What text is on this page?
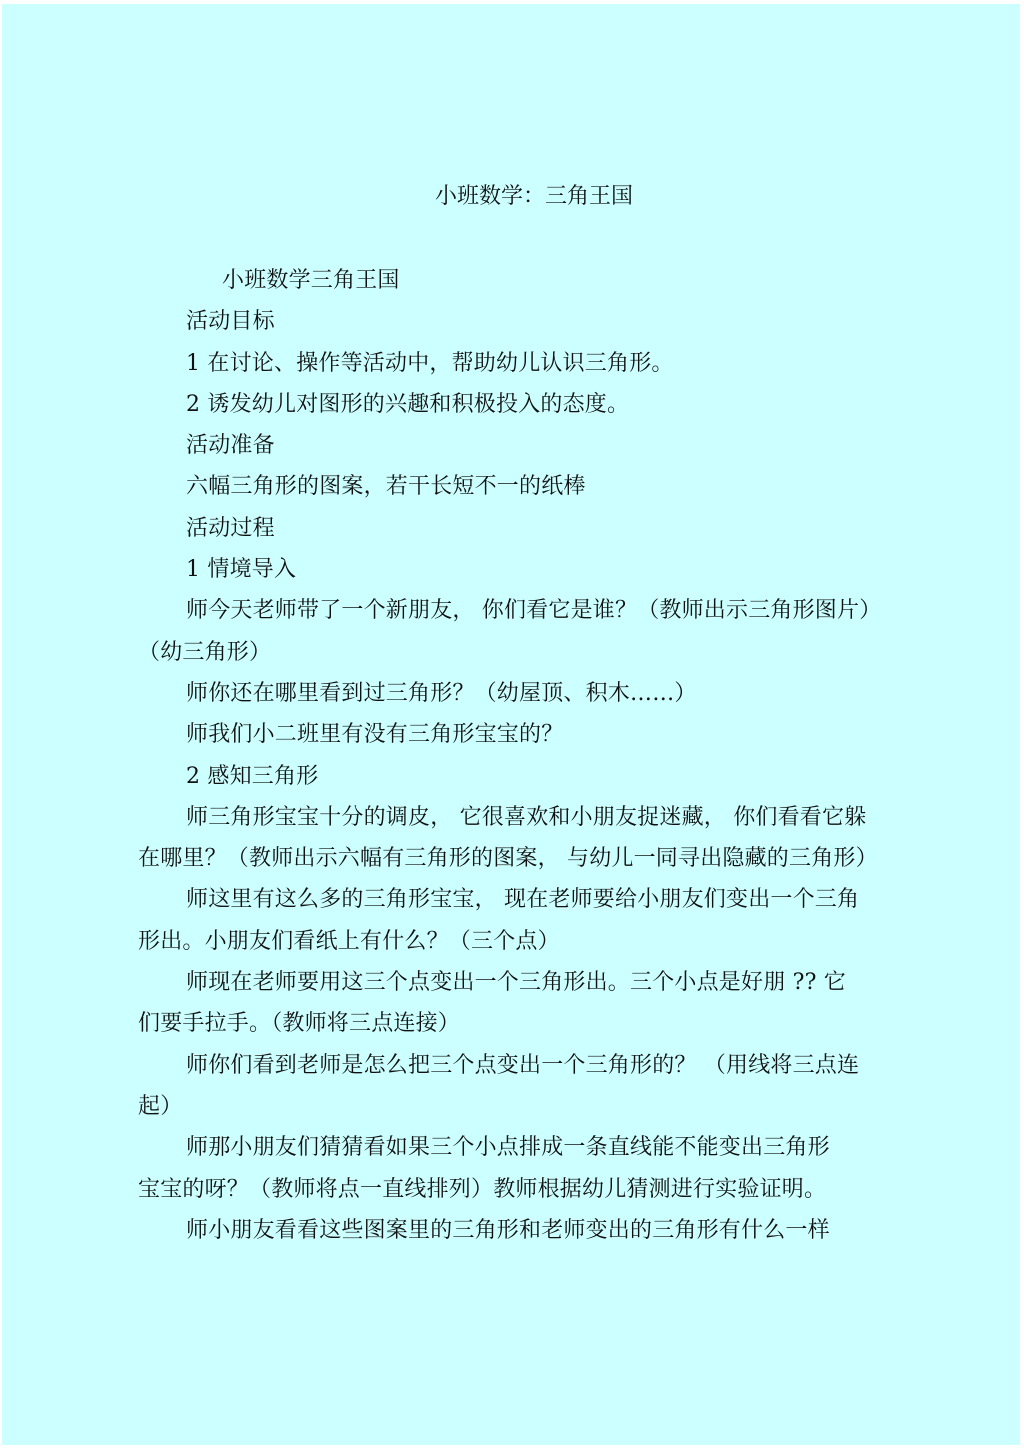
小班数学：三角王国

小班数学三角王国

活动目标

1 在讨论、操作等活动中，帮助幼儿认识三角形。

2 诱发幼儿对图形的兴趣和积极投入的态度。

活动准备

六幅三角形的图案，若干长短不一的纸棒

活动过程

1 情境导入

师今天老师带了一个新朋友， 你们看它是谁？（教师出示三角形图片）
（幼三角形）

师你还在哪里看到过三角形？（幼屋顶、积木……）

师我们小二班里有没有三角形宝宝的？

2 感知三角形

师三角形宝宝十分的调皮， 它很喜欢和小朋友捉迷藏， 你们看看它躲
在哪里？（教师出示六幅有三角形的图案， 与幼儿一同寻出隐藏的三角形）

师这里有这么多的三角形宝宝， 现在老师要给小朋友们变出一个三角
形出。小朋友们看纸上有什么？（三个点）

师现在老师要用这三个点变出一个三角形出。三个小点是好朋 ?? 它
们要手拉手。（教师将三点连接）

师你们看到老师是怎么把三个点变出一个三角形的？ （用线将三点连
起）

师那小朋友们猜猜看如果三个小点排成一条直线能不能变出三角形
宝宝的呀？（教师将点一直线排列）教师根据幼儿猜测进行实验证明。

师小朋友看看这些图案里的三角形和老师变出的三角形有什么一样
